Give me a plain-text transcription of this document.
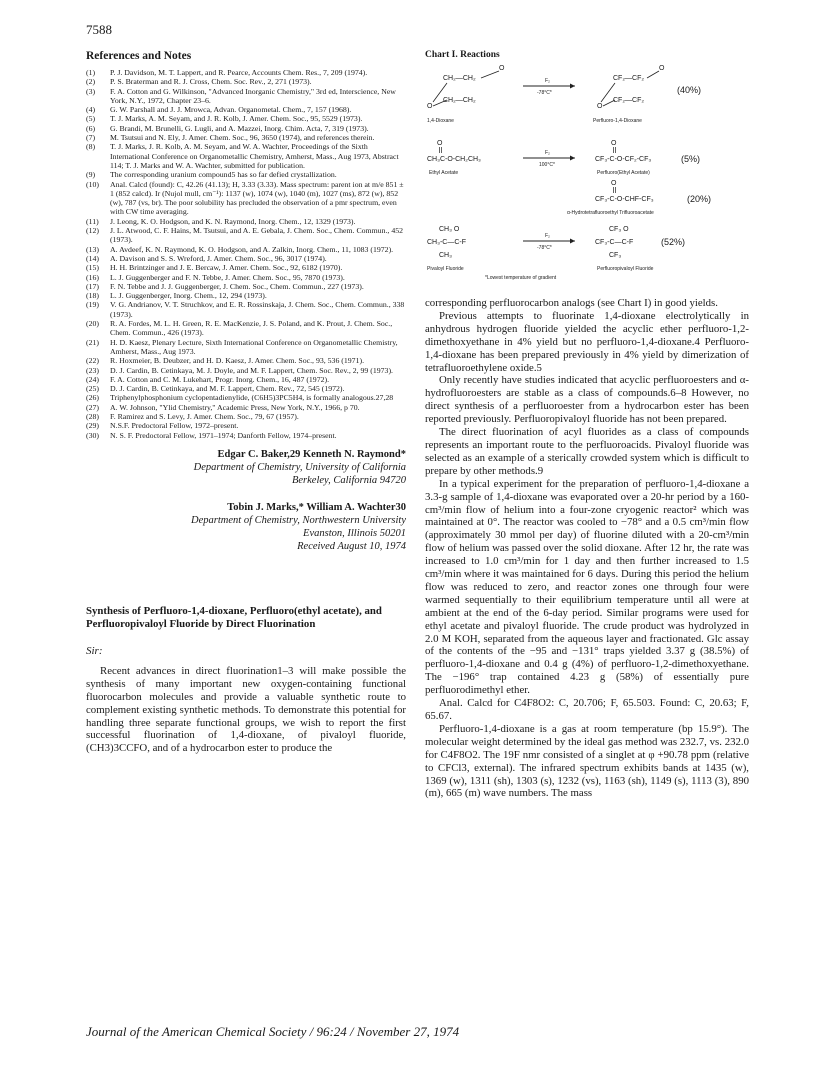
7588
References and Notes
(1) P. J. Davidson, M. T. Lappert, and R. Pearce, Accounts Chem. Res., 7, 209 (1974).
(2) P. S. Braterman and R. J. Cross, Chem. Soc. Rev., 2, 271 (1973).
(3) F. A. Cotton and G. Wilkinson, "Advanced Inorganic Chemistry," 3rd ed, Interscience, New York, N.Y., 1972, Chapter 23–6.
(4) G. W. Parshall and J. J. Mrowca, Advan. Organometal. Chem., 7, 157 (1968).
(5) T. J. Marks, A. M. Seyam, and J. R. Kolb, J. Amer. Chem. Soc., 95, 5529 (1973).
(6) G. Brandi, M. Brunelli, G. Lugli, and A. Mazzei, Inorg. Chim. Acta, 7, 319 (1973).
(7) M. Tsutsui and N. Ely, J. Amer. Chem. Soc., 96, 3650 (1974), and references therein.
(8) T. J. Marks, J. R. Kolb, A. M. Seyam, and W. A. Wachter, Proceedings of the Sixth International Conference on Organometallic Chemistry, Amherst, Mass., Aug 1973, Abstract 114; T. J. Marks and W. A. Wachter, submitted for publication.
(9) The corresponding uranium compound5 has so far defied crystallization.
(10) Anal. Calcd (found): C, 42.26 (41.13); H, 3.33 (3.33). Mass spectrum: parent ion at m/e 851 ± 1 (852 calcd). Ir (Nujol mull, cm⁻¹): 1137 (w), 1074 (w), 1040 (m), 1027 (ms), 872 (w), 852 (w), 787 (vs, br). The poor solubility has precluded the observation of a pmr spectrum, even with CW time averaging.
(11) J. Leong, K. O. Hodgson, and K. N. Raymond, Inorg. Chem., 12, 1329 (1973).
(12) J. L. Atwood, C. F. Hains, M. Tsutsui, and A. E. Gebala, J. Chem. Soc., Chem. Commun., 452 (1973).
(13) A. Avdeef, K. N. Raymond, K. O. Hodgson, and A. Zalkin, Inorg. Chem., 11, 1083 (1972).
(14) A. Davison and S. S. Wreford, J. Amer. Chem. Soc., 96, 3017 (1974).
(15) H. H. Brintzinger and J. E. Bercaw, J. Amer. Chem. Soc., 92, 6182 (1970).
(16) L. J. Guggenberger and F. N. Tebbe, J. Amer. Chem. Soc., 95, 7870 (1973).
(17) F. N. Tebbe and J. J. Guggenberger, J. Chem. Soc., Chem. Commun., 227 (1973).
(18) L. J. Guggenberger, Inorg. Chem., 12, 294 (1973).
(19) V. G. Andrianov, V. T. Struchkov, and E. R. Rossinskaja, J. Chem. Soc., Chem. Commun., 338 (1973).
(20) R. A. Fordes, M. L. H. Green, R. E. MacKenzie, J. S. Poland, and K. Prout, J. Chem. Soc., Chem. Commun., 426 (1973).
(21) H. D. Kaesz, Plenary Lecture, Sixth International Conference on Organometallic Chemistry, Amherst, Mass., Aug 1973.
(22) R. Hoxmeier, B. Deubzer, and H. D. Kaesz, J. Amer. Chem. Soc., 93, 536 (1971).
(23) D. J. Cardin, B. Cetinkaya, M. J. Doyle, and M. F. Lappert, Chem. Soc. Rev., 2, 99 (1973).
(24) F. A. Cotton and C. M. Lukehart, Progr. Inorg. Chem., 16, 487 (1972).
(25) D. J. Cardin, B. Cetinkaya, and M. F. Lappert, Chem. Rev., 72, 545 (1972).
(26) Triphenylphosphonium cyclopentadienylide, (C6H5)3PC5H4, is formally analogous.27,28
(27) A. W. Johnson, "Ylid Chemistry," Academic Press, New York, N.Y., 1966, p 70.
(28) F. Ramirez and S. Levy, J. Amer. Chem. Soc., 79, 67 (1957).
(29) N.S.F. Predoctoral Fellow, 1972–present.
(30) N. S. F. Predoctoral Fellow, 1971–1974; Danforth Fellow, 1974–present.
Edgar C. Baker,29 Kenneth N. Raymond*
Department of Chemistry, University of California
Berkeley, California 94720
Tobin J. Marks,* William A. Wachter30
Department of Chemistry, Northwestern University
Evanston, Illinois 50201
Received August 10, 1974
Synthesis of Perfluoro-1,4-dioxane, Perfluoro(ethyl acetate), and Perfluoropivaloyl Fluoride by Direct Fluorination
Sir:

Recent advances in direct fluorination1–3 will make possible the synthesis of many important new oxygen-containing functional fluorocarbon molecules and provide a valuable synthetic route to complement existing synthetic methods. To demonstrate this potential for handling three separate functional groups, we wish to report the first successful fluorination of 1,4-dioxane, of pivaloyl fluoride, (CH3)3CCFO, and of a hydrocarbon ester to produce the

Chart I. Reactions
CH₂—CH₂
O
O
CH₂—CH₂
1,4-Dioxane
F₂
-78°C*
CF₂—CF₂
O
O
CF₂—CF₂
(40%)
Perfluoro-1,4-Dioxane
O
CH₃C-O-CH₂CH₃
Ethyl Acetate
F₂
100°C*
O
CF₃-C-O-CF₂-CF₃	(5%)
Perfluoro(Ethyl Acetate)
O
CF₃-C-O-CHF-CF₃	(20%)
α-Hydrotetrafluoroethyl Trifluoroacetate
CH₃ O
CH₃-C—C-F
CH₃
Pivaloyl Fluoride
F₂
-78°C*
CF₃ O
CF₃-C—C-F
CF₃
(52%)
Perfluoropivaloyl Fluoride
*Lowest temperature of gradient

corresponding perfluorocarbon analogs (see Chart I) in good yields.

Previous attempts to fluorinate 1,4-dioxane electrolytically in anhydrous hydrogen fluoride yielded the acyclic ether perfluoro-1,2-dimethoxyethane in 4% yield but no perfluoro-1,4-dioxane.4 Perfluoro-1,4-dioxane has been prepared previously in 4% yield by dimerization of tetrafluoroethylene oxide.5

Only recently have studies indicated that acyclic perfluoroesters and α-hydrofluoroesters are stable as a class of compounds.6–8 However, no direct synthesis of a perfluoroester from a hydrocarbon ester has been reported previously. Perfluoropivaloyl fluoride has not been prepared.

The direct fluorination of acyl fluorides as a class of compounds represents an important route to the perfluoroacids. Pivaloyl fluoride was selected as an example of a sterically crowded system which is difficult to prepare by other methods.9

In a typical experiment for the preparation of perfluoro-1,4-dioxane a 3.3-g sample of 1,4-dioxane was evaporated over a 20-hr period by a 160-cm³/min flow of helium into a four-zone cryogenic reactor² which was maintained at 0°. The reactor was cooled to −78° and a 0.5 cm³/min flow (approximately 30 mmol per day) of fluorine diluted with a 20-cm³/min flow of helium was passed over the solid dioxane. After 12 hr, the rate was increased to 1.0 cm³/min for 1 day and then further increased to 1.5 cm³/min where it was maintained for 6 days. During this period the helium flow was reduced to zero, and reactor zones one through four were warmed sequentially to their equilibrium temperature until all were at ambient at the end of the 6-day period. Similar programs were used for ethyl acetate and pivaloyl fluoride. The crude product was hydrolyzed in 2.0 M KOH, separated from the aqueous layer and fractionated. Glc assay of the contents of the −95 and −131° traps yielded 3.37 g (38.5%) of perfluoro-1,4-dioxane and 0.4 g (4%) of perfluoro-1,2-dimethoxyethane. The −196° trap contained 4.23 g (58%) of essentially pure perfluorodimethyl ether.

Anal. Calcd for C4F8O2: C, 20.706; F, 65.503. Found: C, 20.63; F, 65.67.

Perfluoro-1,4-dioxane is a gas at room temperature (bp 15.9°). The molecular weight determined by the ideal gas method was 232.7, vs. 232.0 for C4F8O2. The 19F nmr consisted of a singlet at φ +90.78 ppm (relative to CFCl3, external). The infrared spectrum exhibits bands at 1435 (w), 1369 (w), 1311 (sh), 1303 (s), 1232 (vs), 1163 (sh), 1149 (s), 1113 (3), 890 (m), 665 (m) wave numbers. The mass

Journal of the American Chemical Society / 96:24 / November 27, 1974
